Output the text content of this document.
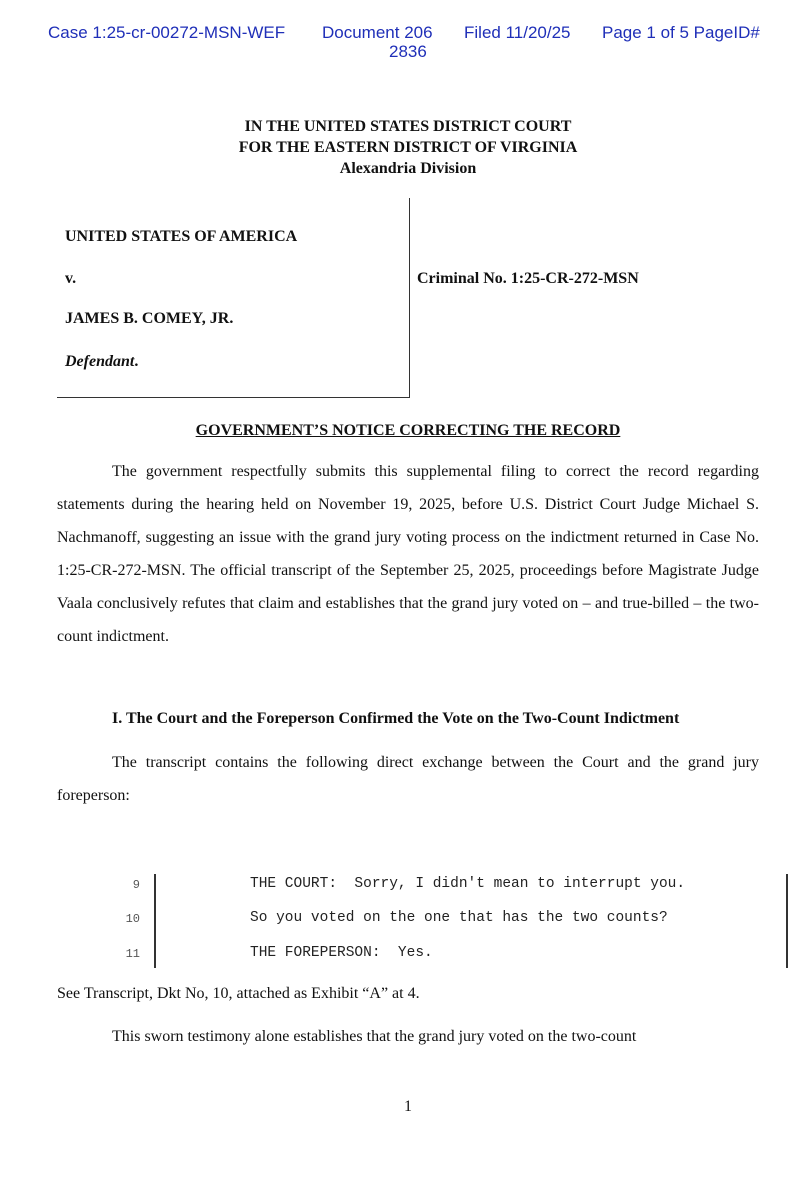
Case 1:25-cr-00272-MSN-WEF Document 206 Filed 11/20/25 Page 1 of 5 PageID#
2836
IN THE UNITED STATES DISTRICT COURT
FOR THE EASTERN DISTRICT OF VIRGINIA
Alexandria Division
UNITED STATES OF AMERICA
v.
JAMES B. COMEY, JR.
Defendant.
Criminal No. 1:25-CR-272-MSN
GOVERNMENT’S NOTICE CORRECTING THE RECORD
The government respectfully submits this supplemental filing to correct the record regarding statements during the hearing held on November 19, 2025, before U.S. District Court Judge Michael S. Nachmanoff, suggesting an issue with the grand jury voting process on the indictment returned in Case No. 1:25-CR-272-MSN. The official transcript of the September 25, 2025, proceedings before Magistrate Judge Vaala conclusively refutes that claim and establishes that the grand jury voted on – and true-billed – the two-count indictment.
I. The Court and the Foreperson Confirmed the Vote on the Two-Count Indictment
The transcript contains the following direct exchange between the Court and the grand jury foreperson:
9	THE COURT:  Sorry, I didn't mean to interrupt you.
10	So you voted on the one that has the two counts?
11	THE FOREPERSON:  Yes.
See Transcript, Dkt No, 10, attached as Exhibit “A” at 4.
This sworn testimony alone establishes that the grand jury voted on the two-count
1
